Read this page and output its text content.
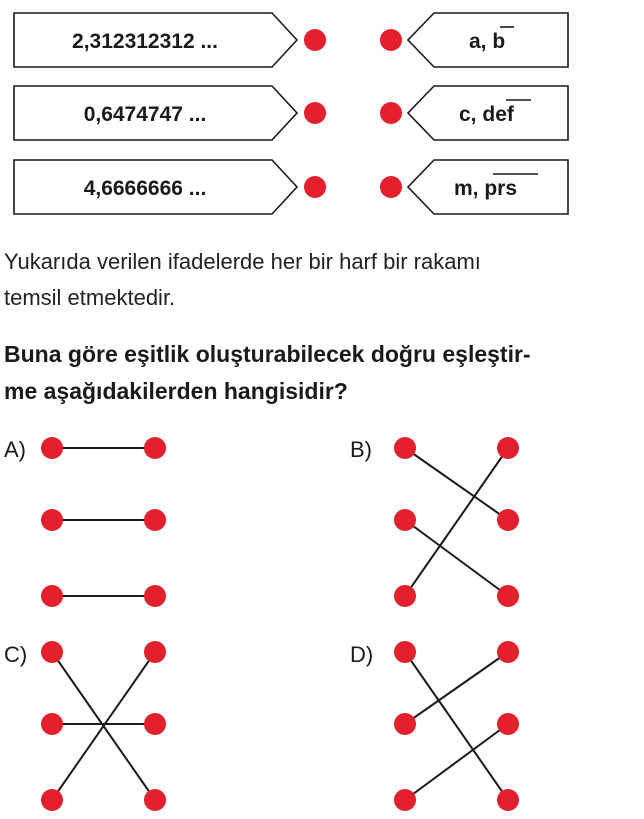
2,312312312 ...
0,6474747 ...
4,6666666 ...
a, b
c, def
m, prs
A)	B)
C)	D)

Yukarıda verilen ifadelerde her bir harf bir rakamı

temsil etmektedir.

Buna göre eşitlik oluşturabilecek doğru eşleştir-

me aşağıdakilerden hangisidir?
